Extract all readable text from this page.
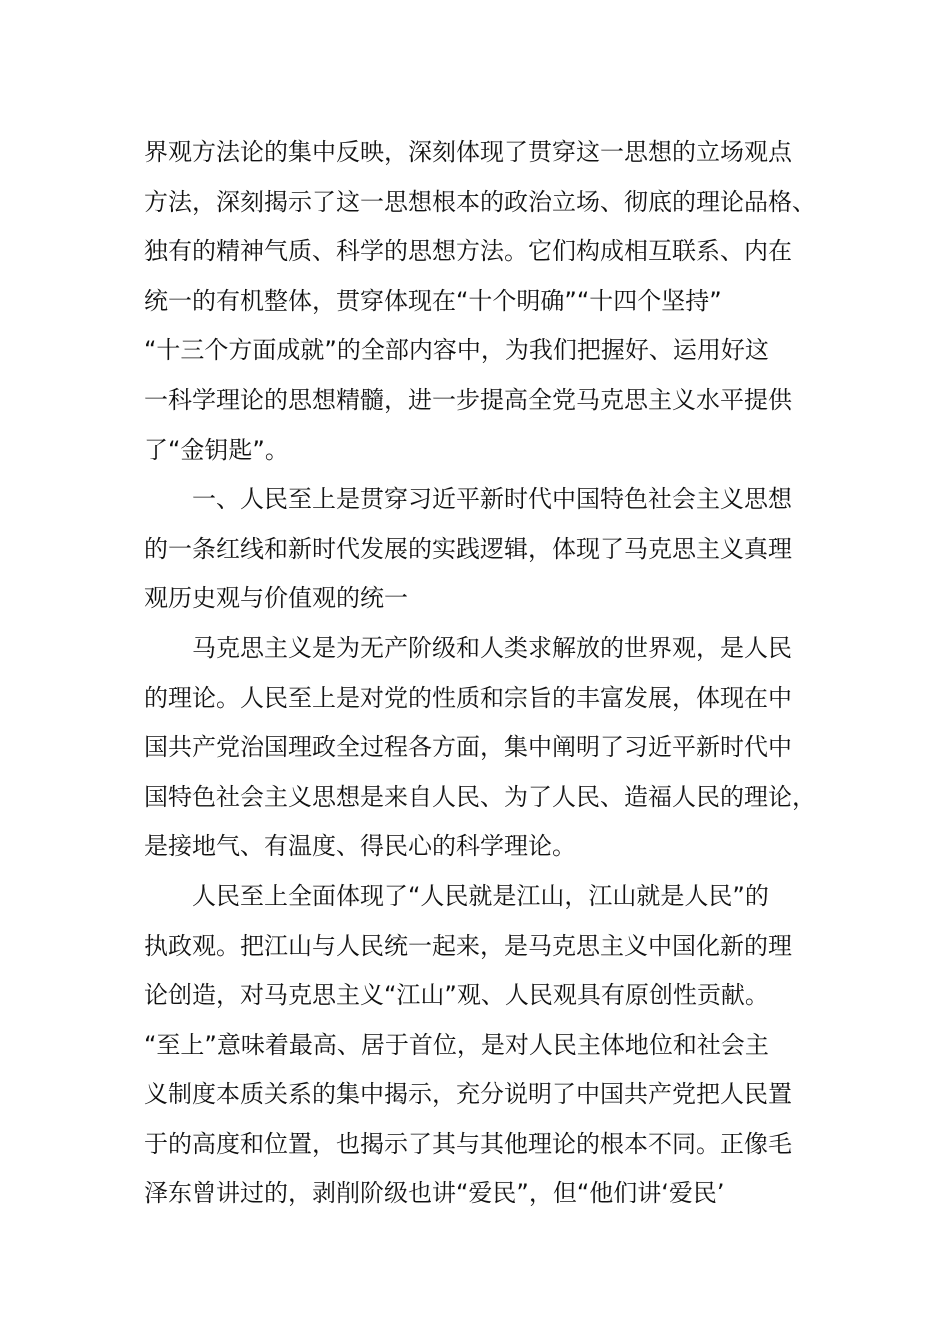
界观方法论的集中反映，深刻体现了贯穿这一思想的立场观点
方法，深刻揭示了这一思想根本的政治立场、彻底的理论品格、
独有的精神气质、科学的思想方法。它们构成相互联系、内在
统一的有机整体，贯穿体现在“十个明确”“十四个坚持”
“十三个方面成就”的全部内容中，为我们把握好、运用好这
一科学理论的思想精髓，进一步提高全党马克思主义水平提供
了“金钥匙”。
一、人民至上是贯穿习近平新时代中国特色社会主义思想
的一条红线和新时代发展的实践逻辑，体现了马克思主义真理
观历史观与价值观的统一
马克思主义是为无产阶级和人类求解放的世界观，是人民
的理论。人民至上是对党的性质和宗旨的丰富发展，体现在中
国共产党治国理政全过程各方面，集中阐明了习近平新时代中
国特色社会主义思想是来自人民、为了人民、造福人民的理论，
是接地气、有温度、得民心的科学理论。
人民至上全面体现了“人民就是江山，江山就是人民”的
执政观。把江山与人民统一起来，是马克思主义中国化新的理
论创造，对马克思主义“江山”观、人民观具有原创性贡献。
“至上”意味着最高、居于首位，是对人民主体地位和社会主
义制度本质关系的集中揭示，充分说明了中国共产党把人民置
于的高度和位置，也揭示了其与其他理论的根本不同。正像毛
泽东曾讲过的，剥削阶级也讲“爱民”，但“他们讲‘爱民’
